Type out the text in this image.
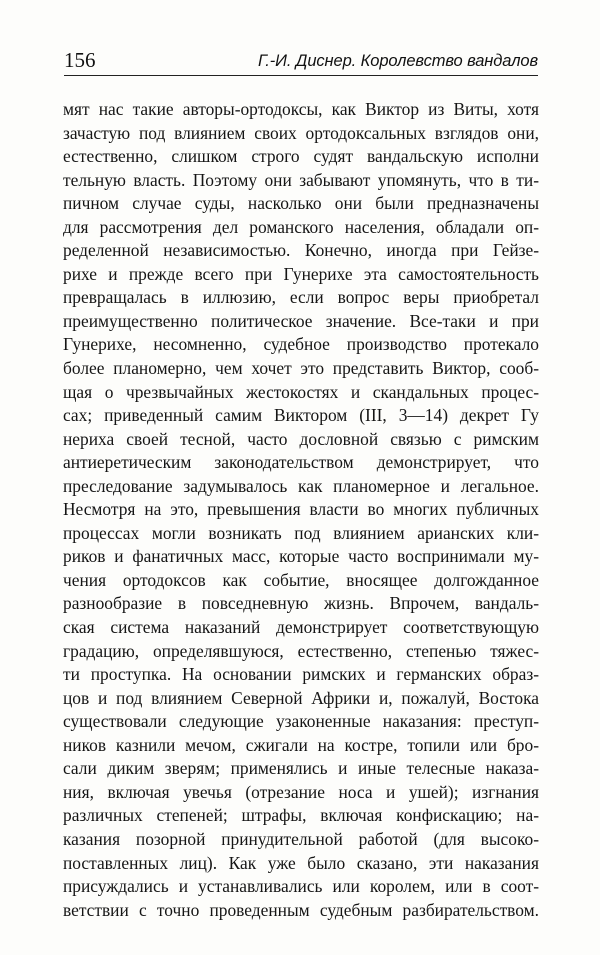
156	Г.-И. Диснер. Королевство вандалов
мят нас такие авторы-ортодоксы, как Виктор из Виты, хотя
зачастую под влиянием своих ортодоксальных взглядов они,
естественно, слишком строго судят вандальскую исполни
тельную власть. Поэтому они забывают упомянуть, что в ти-
пичном случае суды, насколько они были предназначены
для рассмотрения дел романского населения, обладали оп-
ределенной независимостью. Конечно, иногда при Гейзе-
рихе и прежде всего при Гунерихе эта самостоятельность
превращалась в иллюзию, если вопрос веры приобретал
преимущественно политическое значение. Все-таки и при
Гунерихе, несомненно, судебное производство протекало
более планомерно, чем хочет это представить Виктор, сооб-
щая о чрезвычайных жестокостях и скандальных процес-
сах; приведенный самим Виктором (III, 3—14) декрет Гу
нериха своей тесной, часто дословной связью с римским
антиеретическим законодательством демонстрирует, что
преследование задумывалось как планомерное и легальное.
Несмотря на это, превышения власти во многих публичных
процессах могли возникать под влиянием арианских кли-
риков и фанатичных масс, которые часто воспринимали му-
чения ортодоксов как событие, вносящее долгожданное
разнообразие в повседневную жизнь. Впрочем, вандаль-
ская система наказаний демонстрирует соответствующую
градацию, определявшуюся, естественно, степенью тяжес-
ти проступка. На основании римских и германских образ-
цов и под влиянием Северной Африки и, пожалуй, Востока
существовали следующие узаконенные наказания: преступ-
ников казнили мечом, сжигали на костре, топили или бро-
сали диким зверям; применялись и иные телесные наказа-
ния, включая увечья (отрезание носа и ушей); изгнания
различных степеней; штрафы, включая конфискацию; на-
казания позорной принудительной работой (для высоко-
поставленных лиц). Как уже было сказано, эти наказания
присуждались и устанавливались или королем, или в соот-
ветствии с точно проведенным судебным разбирательством.
